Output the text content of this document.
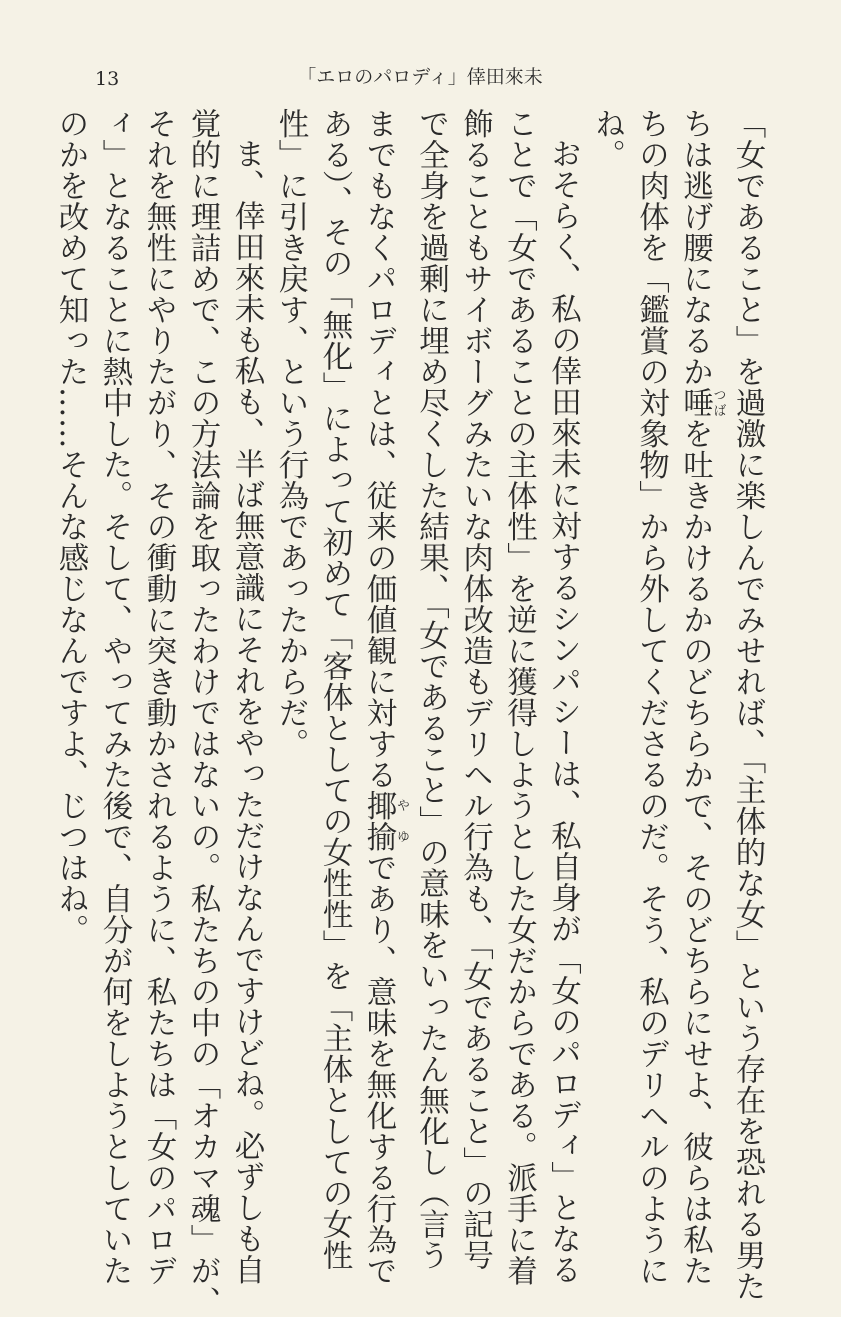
13	「エロのパロディ」倖田來未
「女であること」を過激に楽しんでみせれば、「主体的な女」という存在を恐れる男た
ちは逃げ腰になるか唾つばを吐きかけるかのどちらかで、そのどちらにせよ、彼らは私た
ちの肉体を「鑑賞の対象物」から外してくださるのだ。そう、私のデリヘルのように
ね。
おそらく、私の倖田來未に対するシンパシーは、私自身が「女のパロディ」となる
ことで「女であることの主体性」を逆に獲得しようとした女だからである。派手に着
飾ることもサイボーグみたいな肉体改造もデリヘル行為も、「女であること」の記号
で全身を過剰に埋め尽くした結果、「女であること」の意味をいったん無化し（言う
までもなくパロディとは、従来の価値観に対する揶揄やゆであり、意味を無化する行為で
ある）、その「無化」によって初めて「客体としての女性性」を「主体としての女性
性」に引き戻す、という行為であったからだ。
ま、倖田來未も私も、半ば無意識にそれをやっただけなんですけどね。必ずしも自
覚的に理詰めで、この方法論を取ったわけではないの。私たちの中の「オカマ魂」が、
それを無性にやりたがり、その衝動に突き動かされるように、私たちは「女のパロデ
ィ」となることに熱中した。そして、やってみた後で、自分が何をしようとしていた
のかを改めて知った……そんな感じなんですよ、じつはね。
